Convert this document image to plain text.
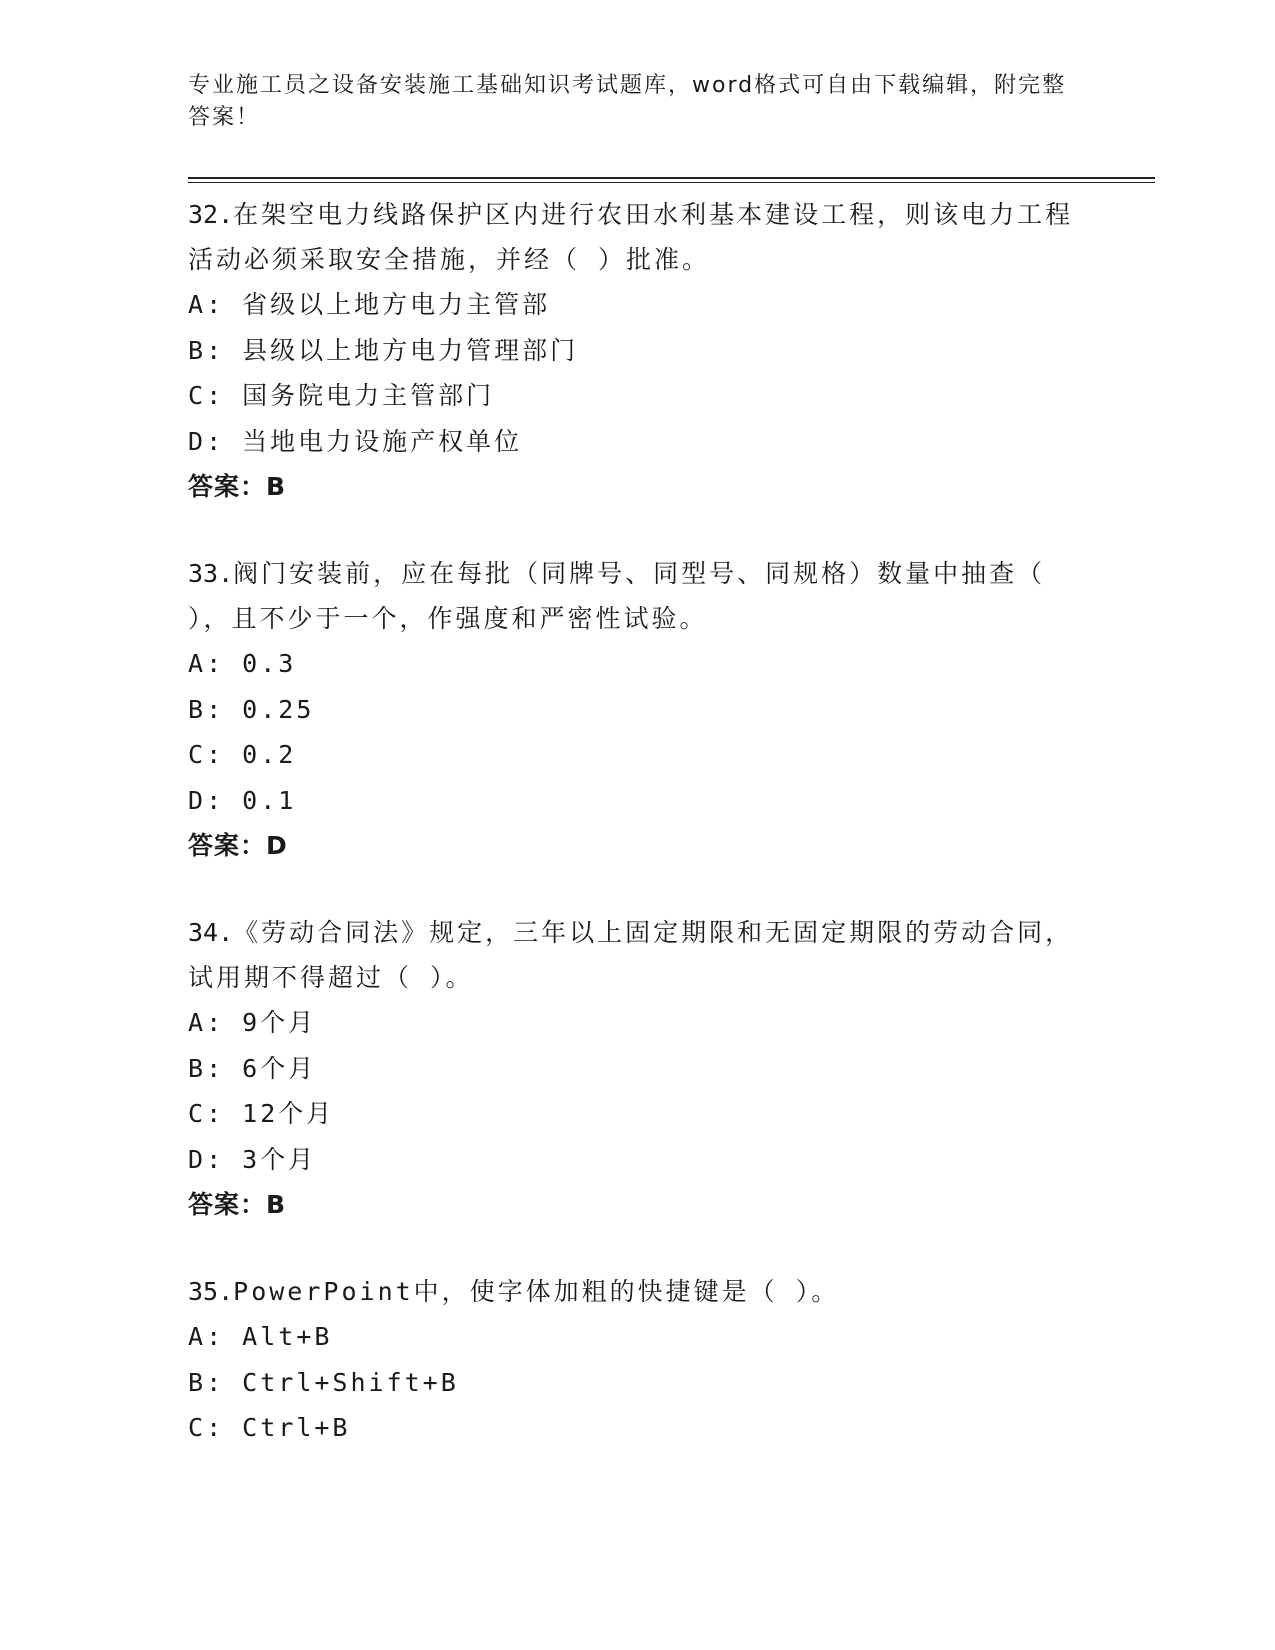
专业施工员之设备安装施工基础知识考试题库，word格式可自由下载编辑，附完整答案！

32.在架空电力线路保护区内进行农田水利基本建设工程，则该电力工程活动必须采取安全措施，并经（ ）批准。

A: 省级以上地方电力主管部

B: 县级以上地方电力管理部门

C: 国务院电力主管部门

D: 当地电力设施产权单位

答案：B

33.阀门安装前，应在每批（同牌号、同型号、同规格）数量中抽查（ ），且不少于一个，作强度和严密性试验。

A: 0.3

B: 0.25

C: 0.2

D: 0.1

答案：D

34.《劳动合同法》规定，三年以上固定期限和无固定期限的劳动合同，试用期不得超过（ ）。

A: 9个月

B: 6个月

C: 12个月

D: 3个月

答案：B

35.PowerPoint中，使字体加粗的快捷键是（ ）。

A: Alt+B

B: Ctrl+Shift+B

C: Ctrl+B
